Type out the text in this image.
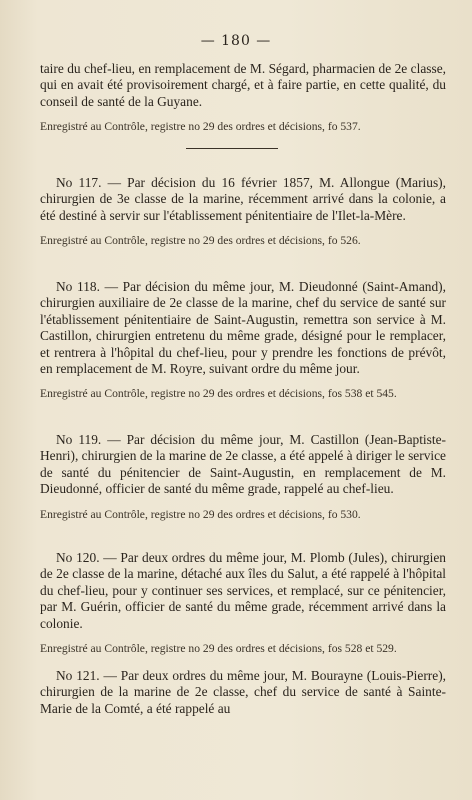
— 180 —
taire du chef-lieu, en remplacement de M. Ségard, pharmacien de 2e classe, qui en avait été provisoirement chargé, et à faire partie, en cette qualité, du conseil de santé de la Guyane.
Enregistré au Contrôle, registre no 29 des ordres et décisions, fo 537.
No 117. — Par décision du 16 février 1857, M. Allongue (Marius), chirurgien de 3e classe de la marine, récemment arrivé dans la colonie, a été destiné à servir sur l'établissement pénitentiaire de l'Ilet-la-Mère.
Enregistré au Contrôle, registre no 29 des ordres et décisions, fo 526.
No 118. — Par décision du même jour, M. Dieudonné (Saint-Amand), chirurgien auxiliaire de 2e classe de la marine, chef du service de santé sur l'établissement pénitentiaire de Saint-Augustin, remettra son service à M. Castillon, chirurgien entretenu du même grade, désigné pour le remplacer, et rentrera à l'hôpital du chef-lieu, pour y prendre les fonctions de prévôt, en remplacement de M. Royre, suivant ordre du même jour.
Enregistré au Contrôle, registre no 29 des ordres et décisions, fos 538 et 545.
No 119. — Par décision du même jour, M. Castillon (Jean-Baptiste-Henri), chirurgien de la marine de 2e classe, a été appelé à diriger le service de santé du pénitencier de Saint-Augustin, en remplacement de M. Dieudonné, officier de santé du même grade, rappelé au chef-lieu.
Enregistré au Contrôle, registre no 29 des ordres et décisions, fo 530.
No 120. — Par deux ordres du même jour, M. Plomb (Jules), chirurgien de 2e classe de la marine, détaché aux îles du Salut, a été rappelé à l'hôpital du chef-lieu, pour y continuer ses services, et remplacé, sur ce pénitencier, par M. Guérin, officier de santé du même grade, récemment arrivé dans la colonie.
Enregistré au Contrôle, registre no 29 des ordres et décisions, fos 528 et 529.
No 121. — Par deux ordres du même jour, M. Bourayne (Louis-Pierre), chirurgien de la marine de 2e classe, chef du service de santé à Sainte-Marie de la Comté, a été rappelé au
